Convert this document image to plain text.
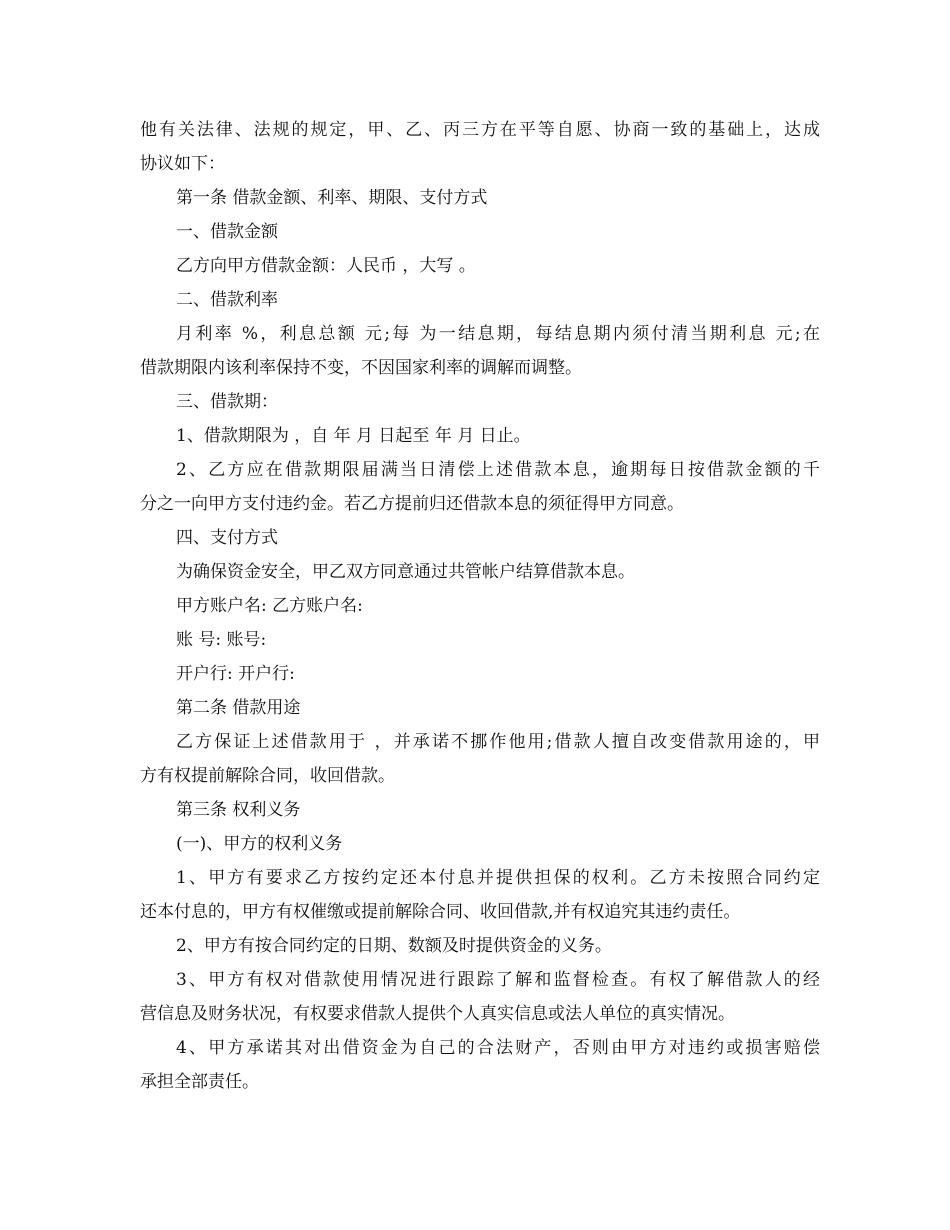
他有关法律、法规的规定，甲、乙、丙三方在平等自愿、协商一致的基础上，达成
协议如下：
第一条 借款金额、利率、期限、支付方式
一、借款金额
乙方向甲方借款金额：人民币 ，大写 。
二、借款利率
月利率 %，利息总额 元;每 为一结息期，每结息期内须付清当期利息 元;在
借款期限内该利率保持不变，不因国家利率的调解而调整。
三、借款期：
1、借款期限为 ，自 年 月 日起至 年 月 日止。
2、乙方应在借款期限届满当日清偿上述借款本息，逾期每日按借款金额的千
分之一向甲方支付违约金。若乙方提前归还借款本息的须征得甲方同意。
四、支付方式
为确保资金安全，甲乙双方同意通过共管帐户结算借款本息。
甲方账户名: 乙方账户名:
账 号: 账号:
开户行: 开户行:
第二条 借款用途
乙方保证上述借款用于 ，并承诺不挪作他用;借款人擅自改变借款用途的，甲
方有权提前解除合同，收回借款。
第三条 权利义务
(一)、甲方的权利义务
1、甲方有要求乙方按约定还本付息并提供担保的权利。乙方未按照合同约定
还本付息的，甲方有权催缴或提前解除合同、收回借款,并有权追究其违约责任。
2、甲方有按合同约定的日期、数额及时提供资金的义务。
3、甲方有权对借款使用情况进行跟踪了解和监督检查。有权了解借款人的经
营信息及财务状况，有权要求借款人提供个人真实信息或法人单位的真实情况。
4、甲方承诺其对出借资金为自己的合法财产，否则由甲方对违约或损害赔偿
承担全部责任。
